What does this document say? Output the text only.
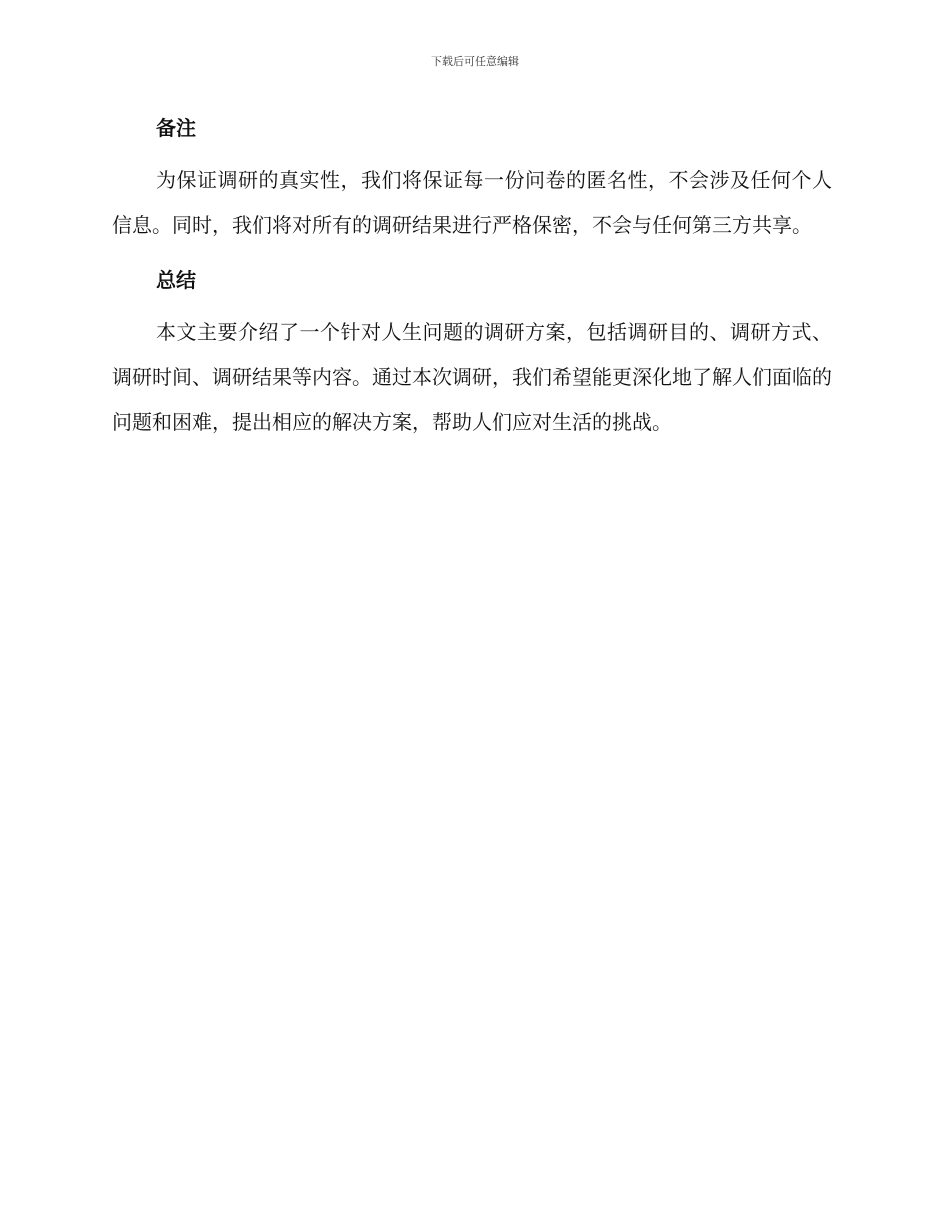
下载后可任意编辑
备注

为保证调研的真实性，我们将保证每一份问卷的匿名性，不会涉及任何个人信息。同时，我们将对所有的调研结果进行严格保密，不会与任何第三方共享。

总结

本文主要介绍了一个针对人生问题的调研方案，包括调研目的、调研方式、调研时间、调研结果等内容。通过本次调研，我们希望能更深化地了解人们面临的问题和困难，提出相应的解决方案，帮助人们应对生活的挑战。
